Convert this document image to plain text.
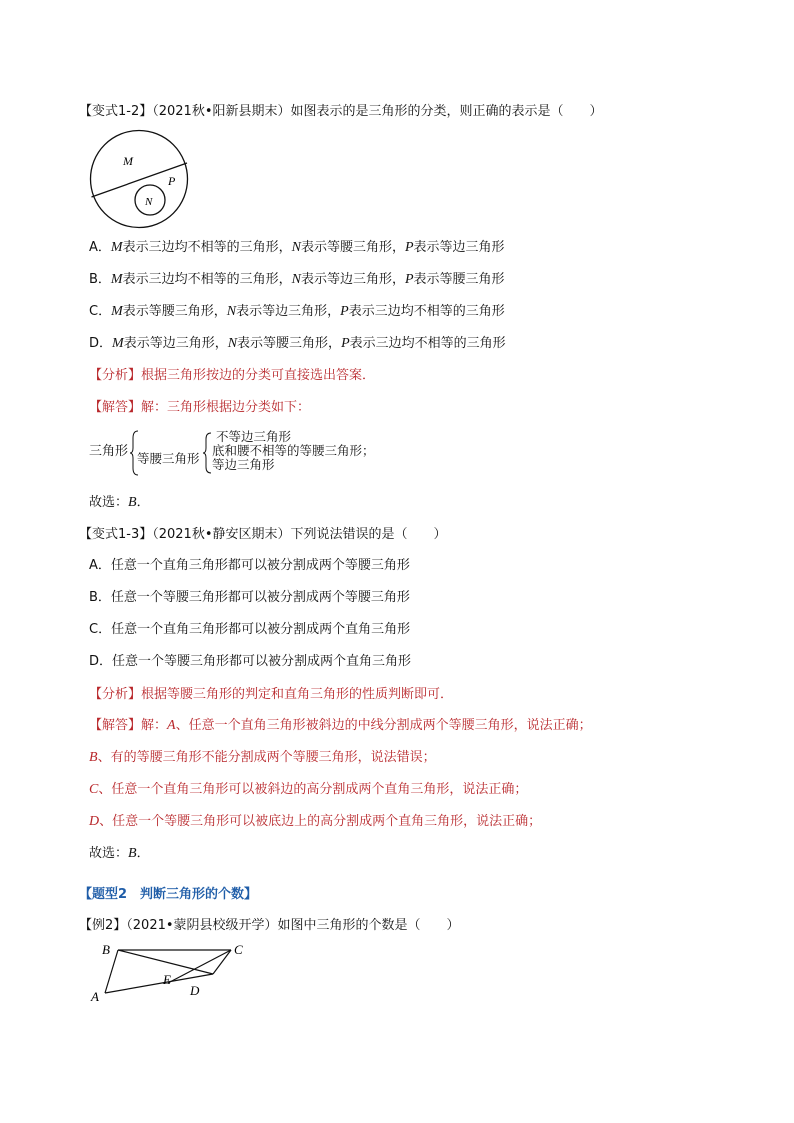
【变式1-2】（2021秋•阳新县期末）如图表示的是三角形的分类，则正确的表示是（　　）
M
P
N
A．M表示三边均不相等的三角形，N表示等腰三角形，P表示等边三角形
B．M表示三边均不相等的三角形，N表示等边三角形，P表示等腰三角形
C．M表示等腰三角形，N表示等边三角形，P表示三边均不相等的三角形
D．M表示等边三角形，N表示等腰三角形，P表示三边均不相等的三角形
【分析】根据三角形按边的分类可直接选出答案．
【解答】解：三角形根据边分类如下：
三角形 等腰三角形
不等边三角形
底和腰不相等的等腰三角形；
等边三角形
故选：B．
【变式1-3】（2021秋•静安区期末）下列说法错误的是（　　）
A．任意一个直角三角形都可以被分割成两个等腰三角形
B．任意一个等腰三角形都可以被分割成两个等腰三角形
C．任意一个直角三角形都可以被分割成两个直角三角形
D．任意一个等腰三角形都可以被分割成两个直角三角形
【分析】根据等腰三角形的判定和直角三角形的性质判断即可．
【解答】解：A、任意一个直角三角形被斜边的中线分割成两个等腰三角形，说法正确；
B、有的等腰三角形不能分割成两个等腰三角形，说法错误；
C、任意一个直角三角形可以被斜边的高分割成两个直角三角形，说法正确；
D、任意一个等腰三角形可以被底边上的高分割成两个直角三角形，说法正确；
故选：B．
【题型2　判断三角形的个数】
【例2】（2021•蒙阴县校级开学）如图中三角形的个数是（　　）
B	C
A
E
D
